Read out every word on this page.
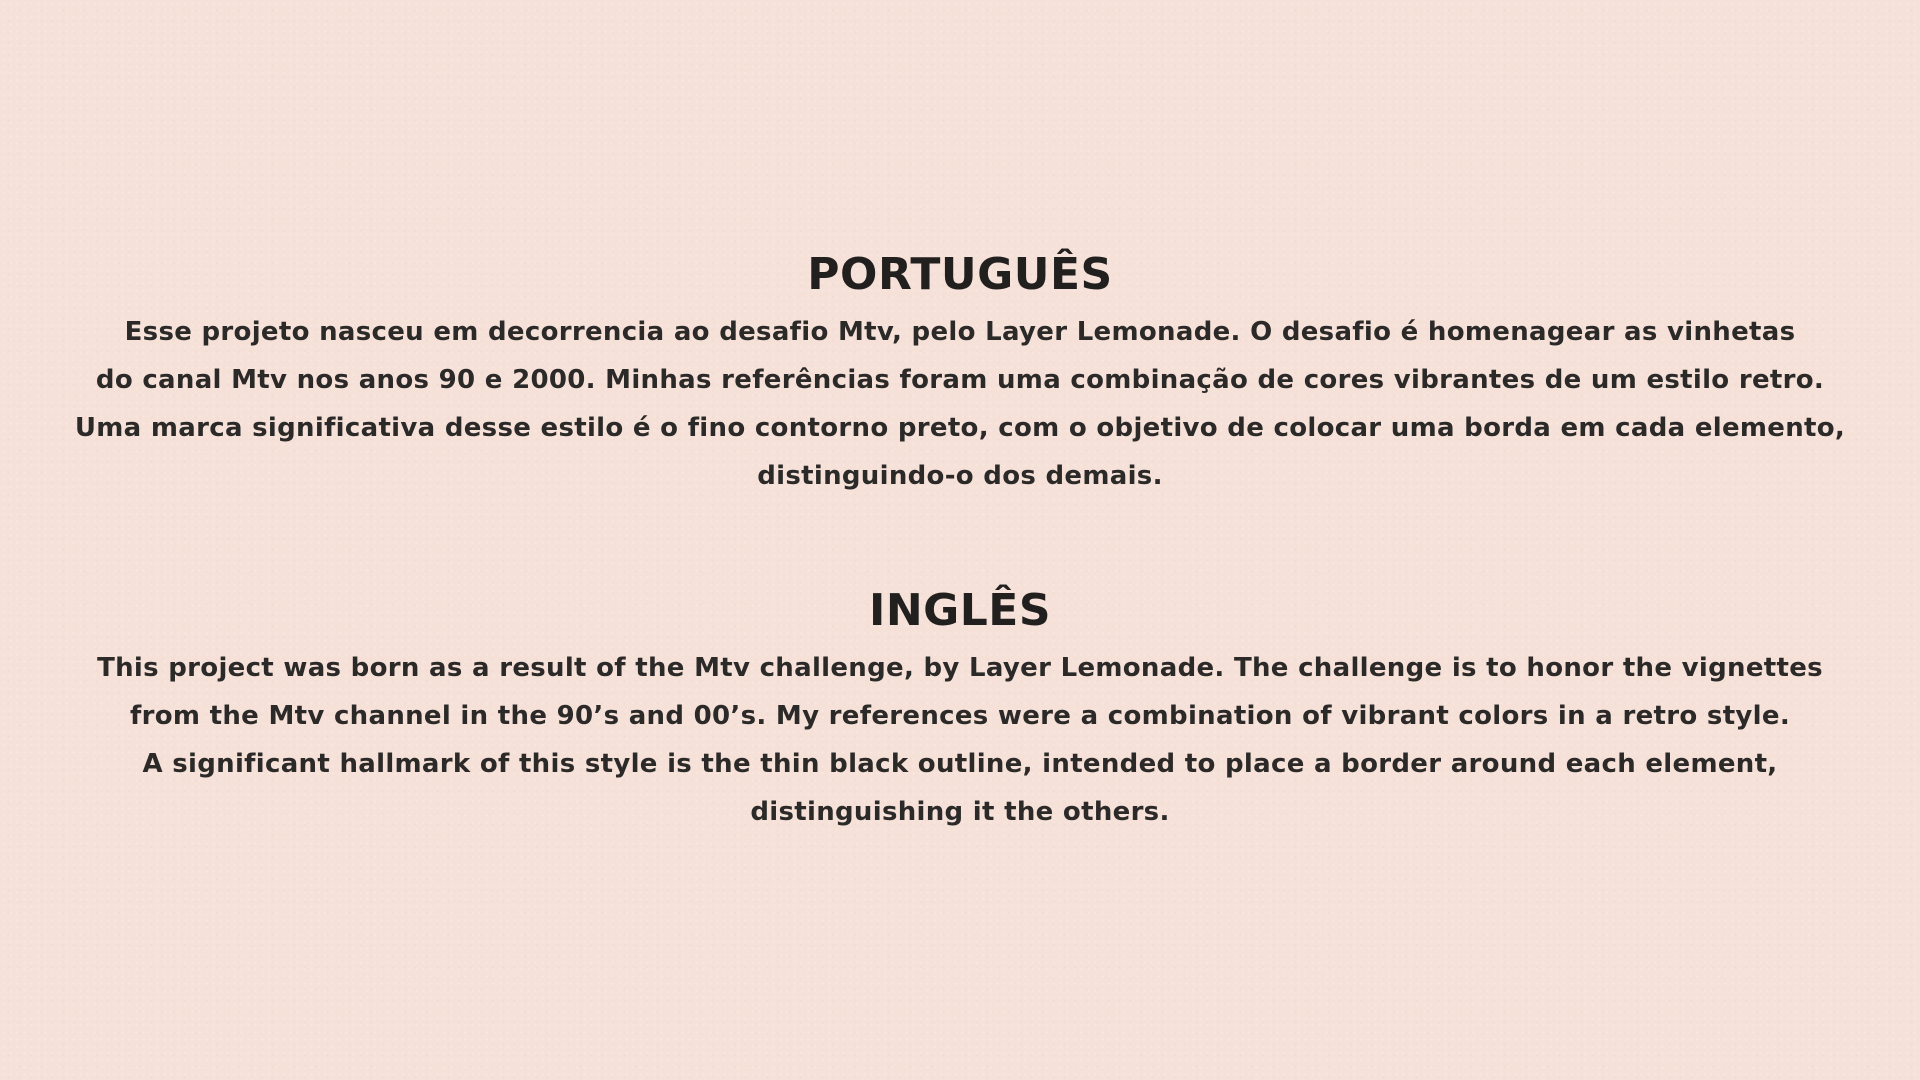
PORTUGUÊS
Esse projeto nasceu em decorrencia ao desafio Mtv, pelo Layer Lemonade. O desafio é homenagear as vinhetas
do canal Mtv nos anos 90 e 2000. Minhas referências foram uma combinação de cores vibrantes de um estilo retro.
Uma marca significativa desse estilo é o fino contorno preto, com o objetivo de colocar uma borda em cada elemento,
distinguindo-o dos demais.
INGLÊS
This project was born as a result of the Mtv challenge, by Layer Lemonade. The challenge is to honor the vignettes
from the Mtv channel in the 90’s and 00’s. My references were a combination of vibrant colors in a retro style.
A significant hallmark of this style is the thin black outline, intended to place a border around each element,
distinguishing it the others.
